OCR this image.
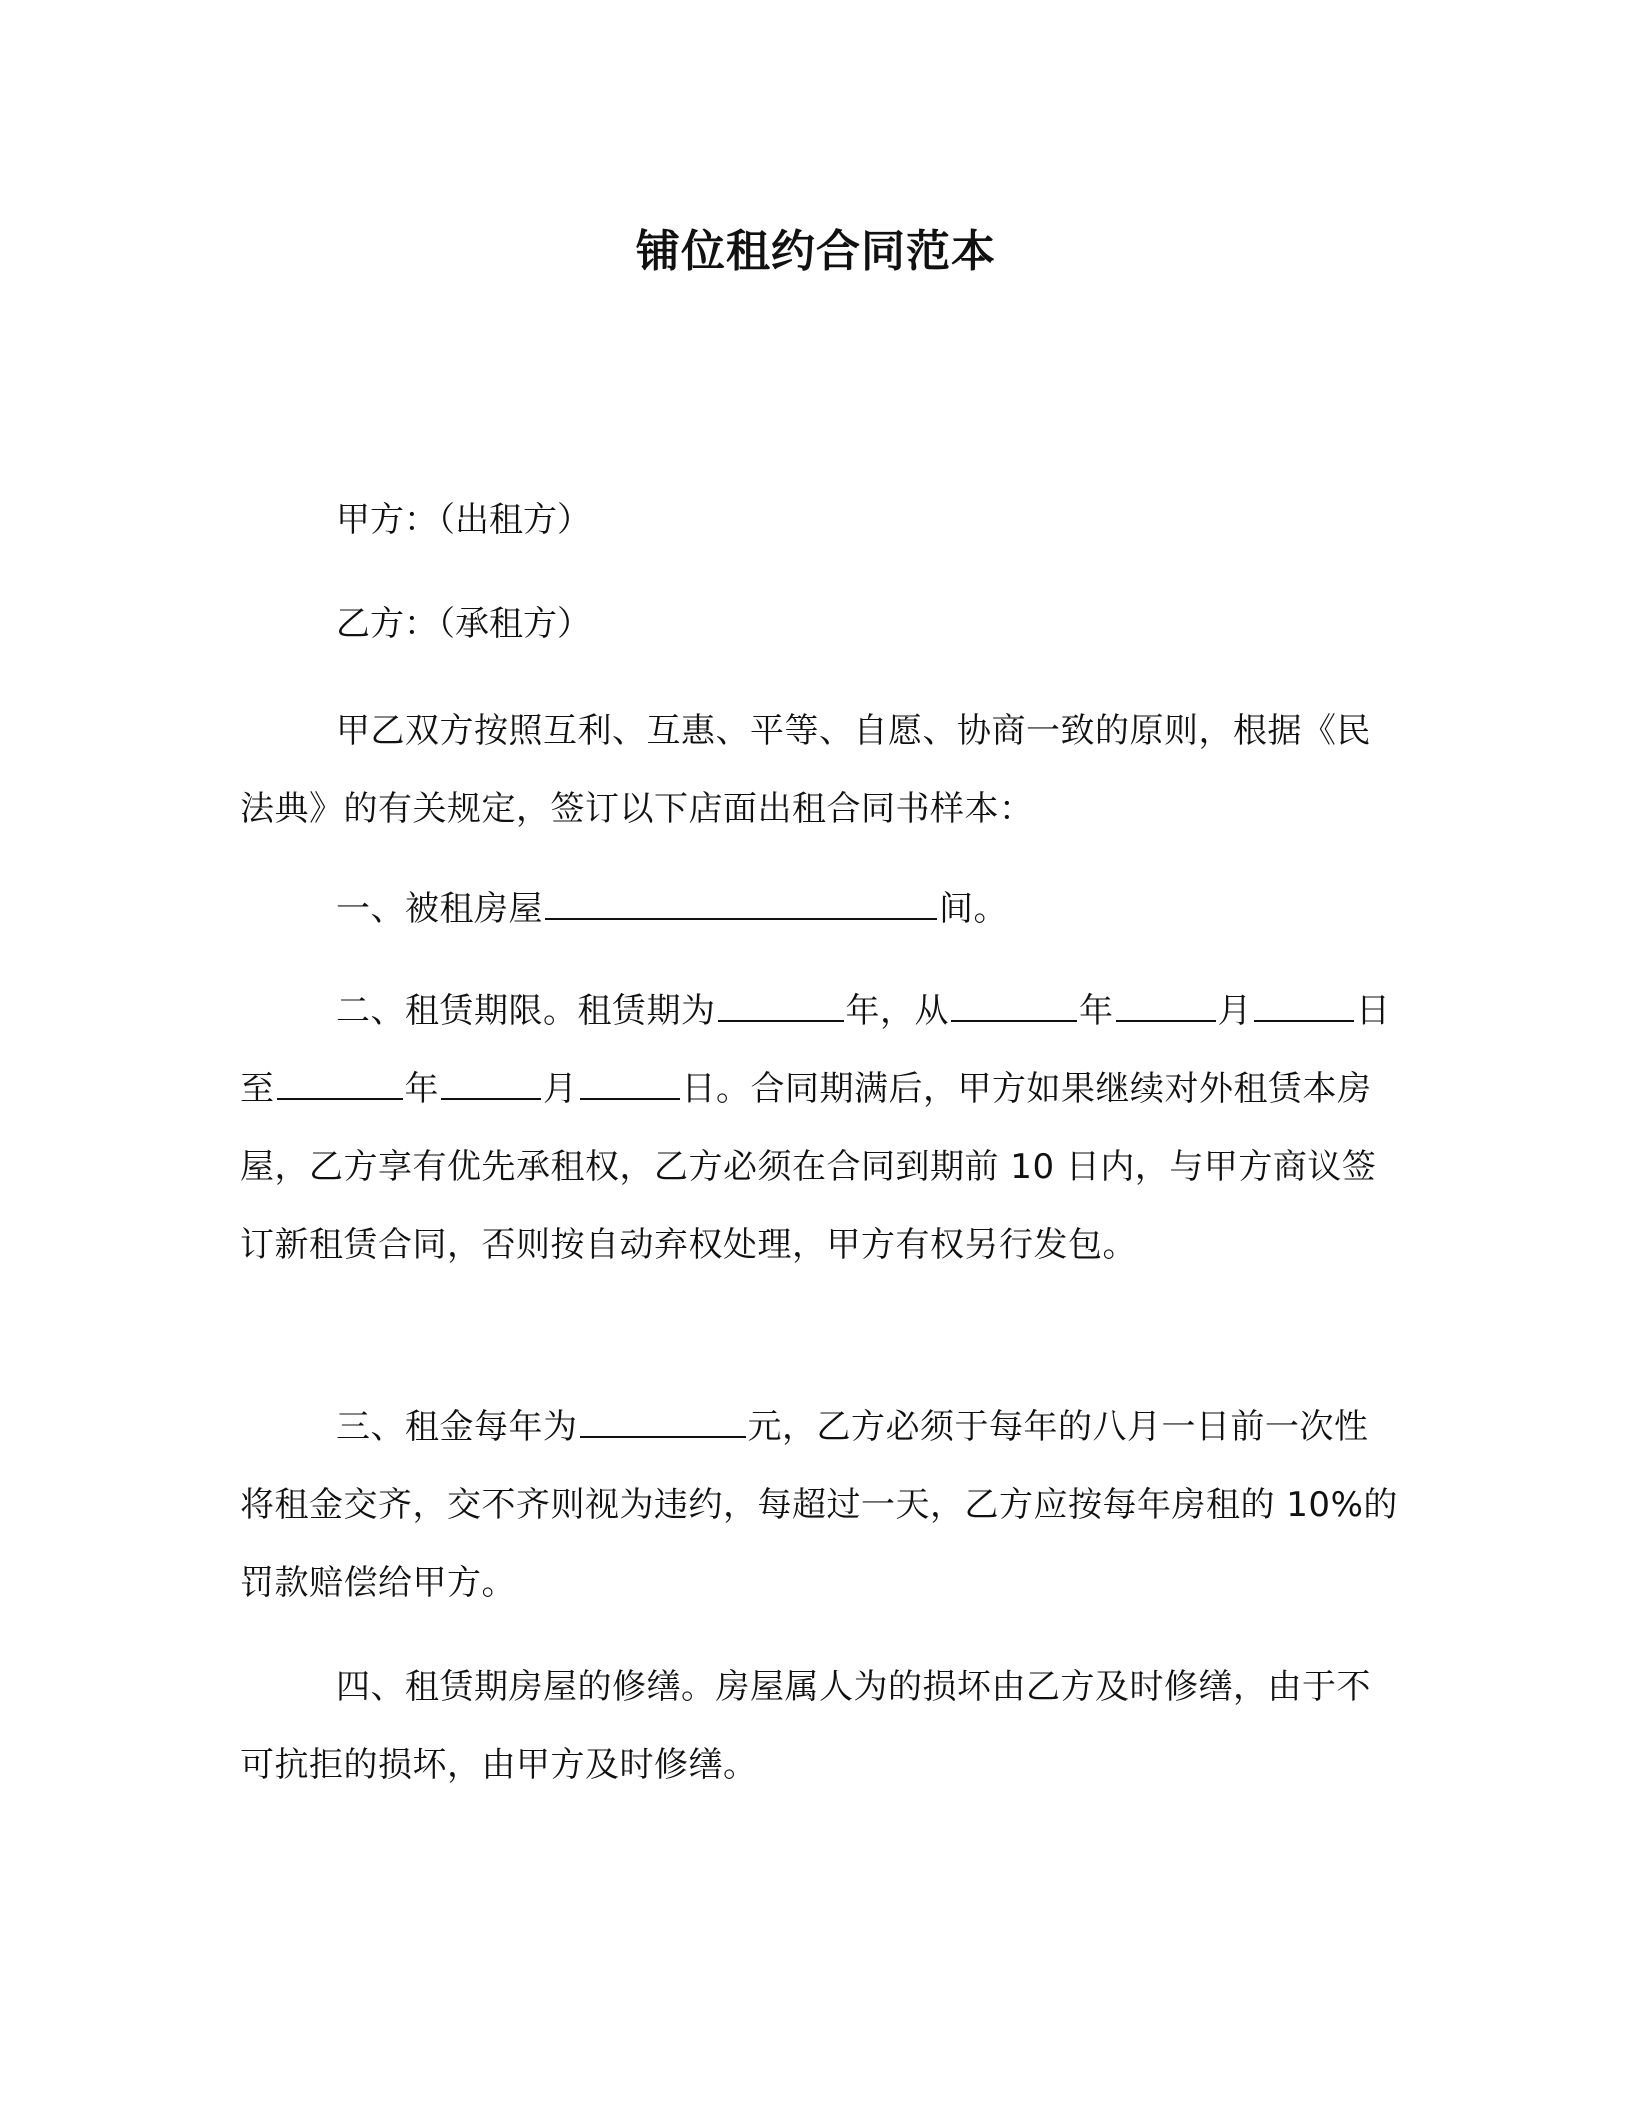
铺位租约合同范本
甲方：（出租方）
乙方：（承租方）

甲乙双方按照互利、互惠、平等、自愿、协商一致的原则，根据《民法典》的有关规定，签订以下店面出租合同书样本：

一、被租房屋	间。

二、租赁期限。租赁期为	年，从	年	月	日至	年	月	日。合同期满后，甲方如果继续对外租赁本房屋，乙方享有优先承租权，乙方必须在合同到期前 10 日内，与甲方商议签订新租赁合同，否则按自动弃权处理，甲方有权另行发包。

三、租金每年为	元，乙方必须于每年的八月一日前一次性将租金交齐，交不齐则视为违约，每超过一天，乙方应按每年房租的 10%的罚款赔偿给甲方。

四、租赁期房屋的修缮。房屋属人为的损坏由乙方及时修缮，由于不可抗拒的损坏，由甲方及时修缮。
